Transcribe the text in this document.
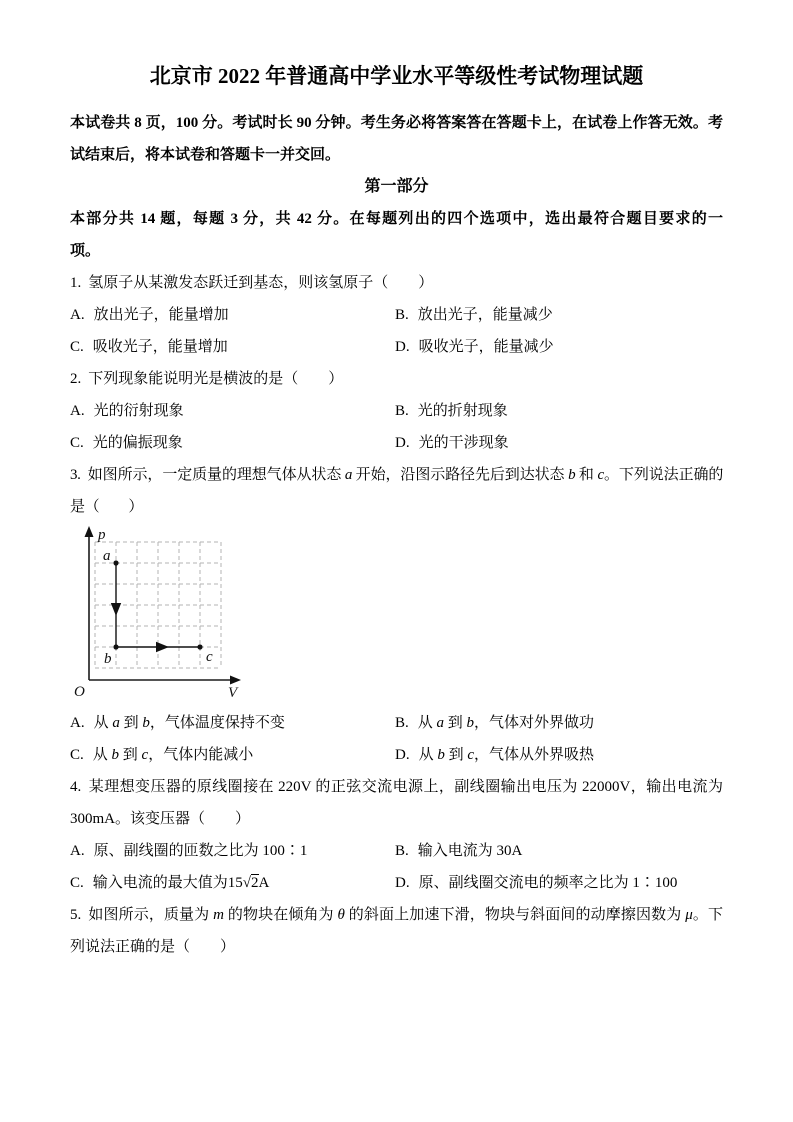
北京市 2022 年普通高中学业水平等级性考试物理试题

本试卷共 8 页，100 分。考试时长 90 分钟。考生务必将答案答在答题卡上，在试卷上作答无效。考试结束后，将本试卷和答题卡一并交回。

第一部分
本部分共 14 题，每题 3 分，共 42 分。在每题列出的四个选项中，选出最符合题目要求的一
项。

1. 氢原子从某激发态跃迁到基态，则该氢原子（　　）

A. 放出光子，能量增加	B. 放出光子，能量减少
C. 吸收光子，能量增加	D. 吸收光子，能量减少

2. 下列现象能说明光是横波的是（　　）

A. 光的衍射现象	B. 光的折射现象
C. 光的偏振现象	D. 光的干涉现象

3. 如图所示，一定质量的理想气体从状态 a 开始，沿图示路径先后到达状态 b 和 c。下列说法正确的是（　　）

p
V
O
a
b	c
A. 从 a 到 b，气体温度保持不变	B. 从 a 到 b，气体对外界做功
C. 从 b 到 c，气体内能减小	D. 从 b 到 c，气体从外界吸热

4. 某理想变压器的原线圈接在 220V 的正弦交流电源上，副线圈输出电压为 22000V，输出电流为 300mA。该变压器（　　）

A. 原、副线圈的匝数之比为 100∶1	B. 输入电流为 30A
C. 输入电流的最大值为15√2A	D. 原、副线圈交流电的频率之比为 1∶100

5. 如图所示，质量为 m 的物块在倾角为 θ 的斜面上加速下滑，物块与斜面间的动摩擦因数为 μ。下列说法正确的是（　　）
